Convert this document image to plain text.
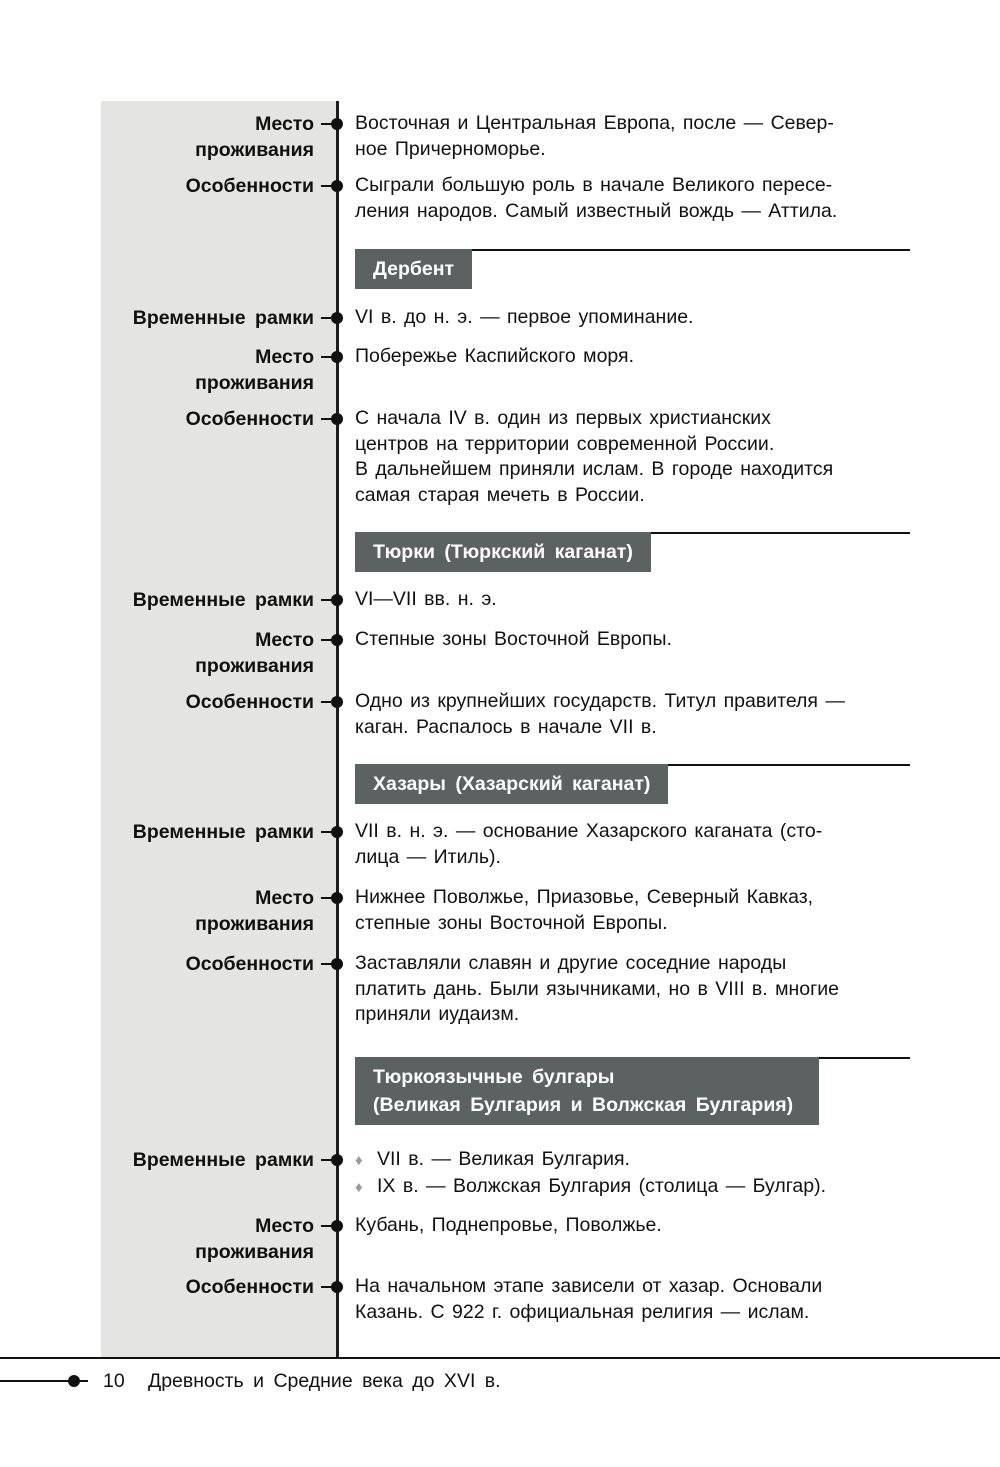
Место
проживания
Восточная и Центральная Европа, после — Север-
ное Причерноморье.
Особенности Сыграли большую роль в начале Великого пересе-
ления народов. Самый известный вождь — Аттила.
Дербент
Временные рамки VI в. до н. э. — первое упоминание.
Место
проживания
Побережье Каспийского моря.
Особенности С начала IV в. один из первых христианских
центров на территории современной России.
В дальнейшем приняли ислам. В городе находится
самая старая мечеть в России.
Тюрки (Тюркский каганат)
Временные рамки VI—VII вв. н. э.
Место
проживания
Степные зоны Восточной Европы.
Особенности Одно из крупнейших государств. Титул правителя —
каган. Распалось в начале VII в.
Хазары (Хазарский каганат)
Временные рамки VII в. н. э. — основание Хазарского каганата (сто-
лица — Итиль).
Место
проживания
Нижнее Поволжье, Приазовье, Северный Кавказ,
степные зоны Восточной Европы.
Особенности Заставляли славян и другие соседние народы
платить дань. Были язычниками, но в VIII в. многие
приняли иудаизм.
Тюркоязычные булгары
(Великая Булгария и Волжская Булгария)
Временные рамки	♦ VII в. — Великая Булгария.
♦ IX в. — Волжская Булгария (столица — Булгар).
Место
проживания
Кубань, Поднепровье, Поволжье.
Особенности На начальном этапе зависели от хазар. Основали
Казань. С 922 г. официальная религия — ислам.
10 Древность и Средние века до XVI в.
